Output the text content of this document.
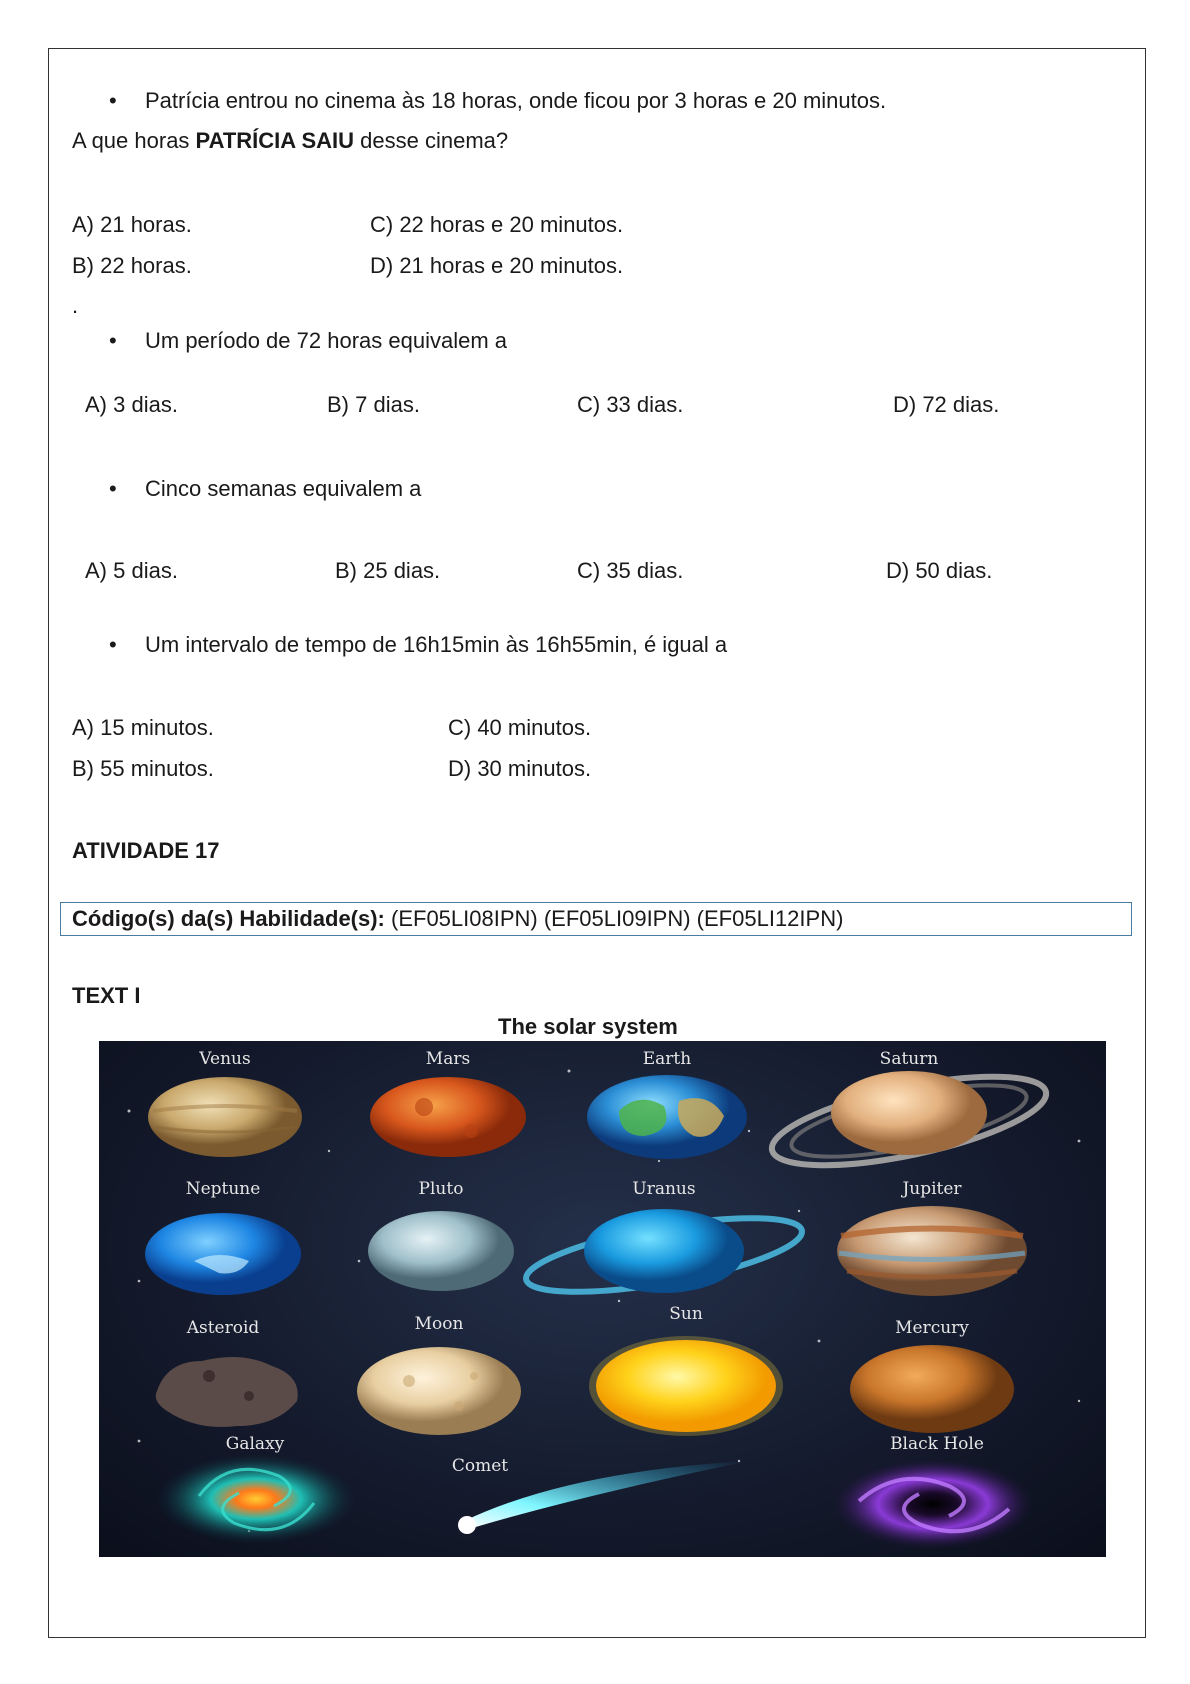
• Patrícia entrou no cinema às 18 horas, onde ficou por 3 horas e 20 minutos.
A que horas PATRÍCIA SAIU desse cinema?
A) 21 horas.	C) 22 horas e 20 minutos.
B) 22 horas.	D) 21 horas e 20 minutos.
.
• Um período de 72 horas equivalem a
A) 3 dias.	B) 7 dias.	C) 33 dias.	D) 72 dias.
• Cinco semanas equivalem a
A) 5 dias.	B) 25 dias.	C) 35 dias.	D) 50 dias.
• Um intervalo de tempo de 16h15min às 16h55min, é igual a
A) 15 minutos.	C) 40 minutos.
B) 55 minutos.	D) 30 minutos.
ATIVIDADE 17
Código(s) da(s) Habilidade(s): (EF05LI08IPN) (EF05LI09IPN) (EF05LI12IPN)
TEXT I
The solar system
Venus	Mars	Earth	Saturn
Neptune	Pluto	Uranus	Jupiter
Asteroid	Moon	Sun
Mercury
Galaxy
Comet
Black Hole
